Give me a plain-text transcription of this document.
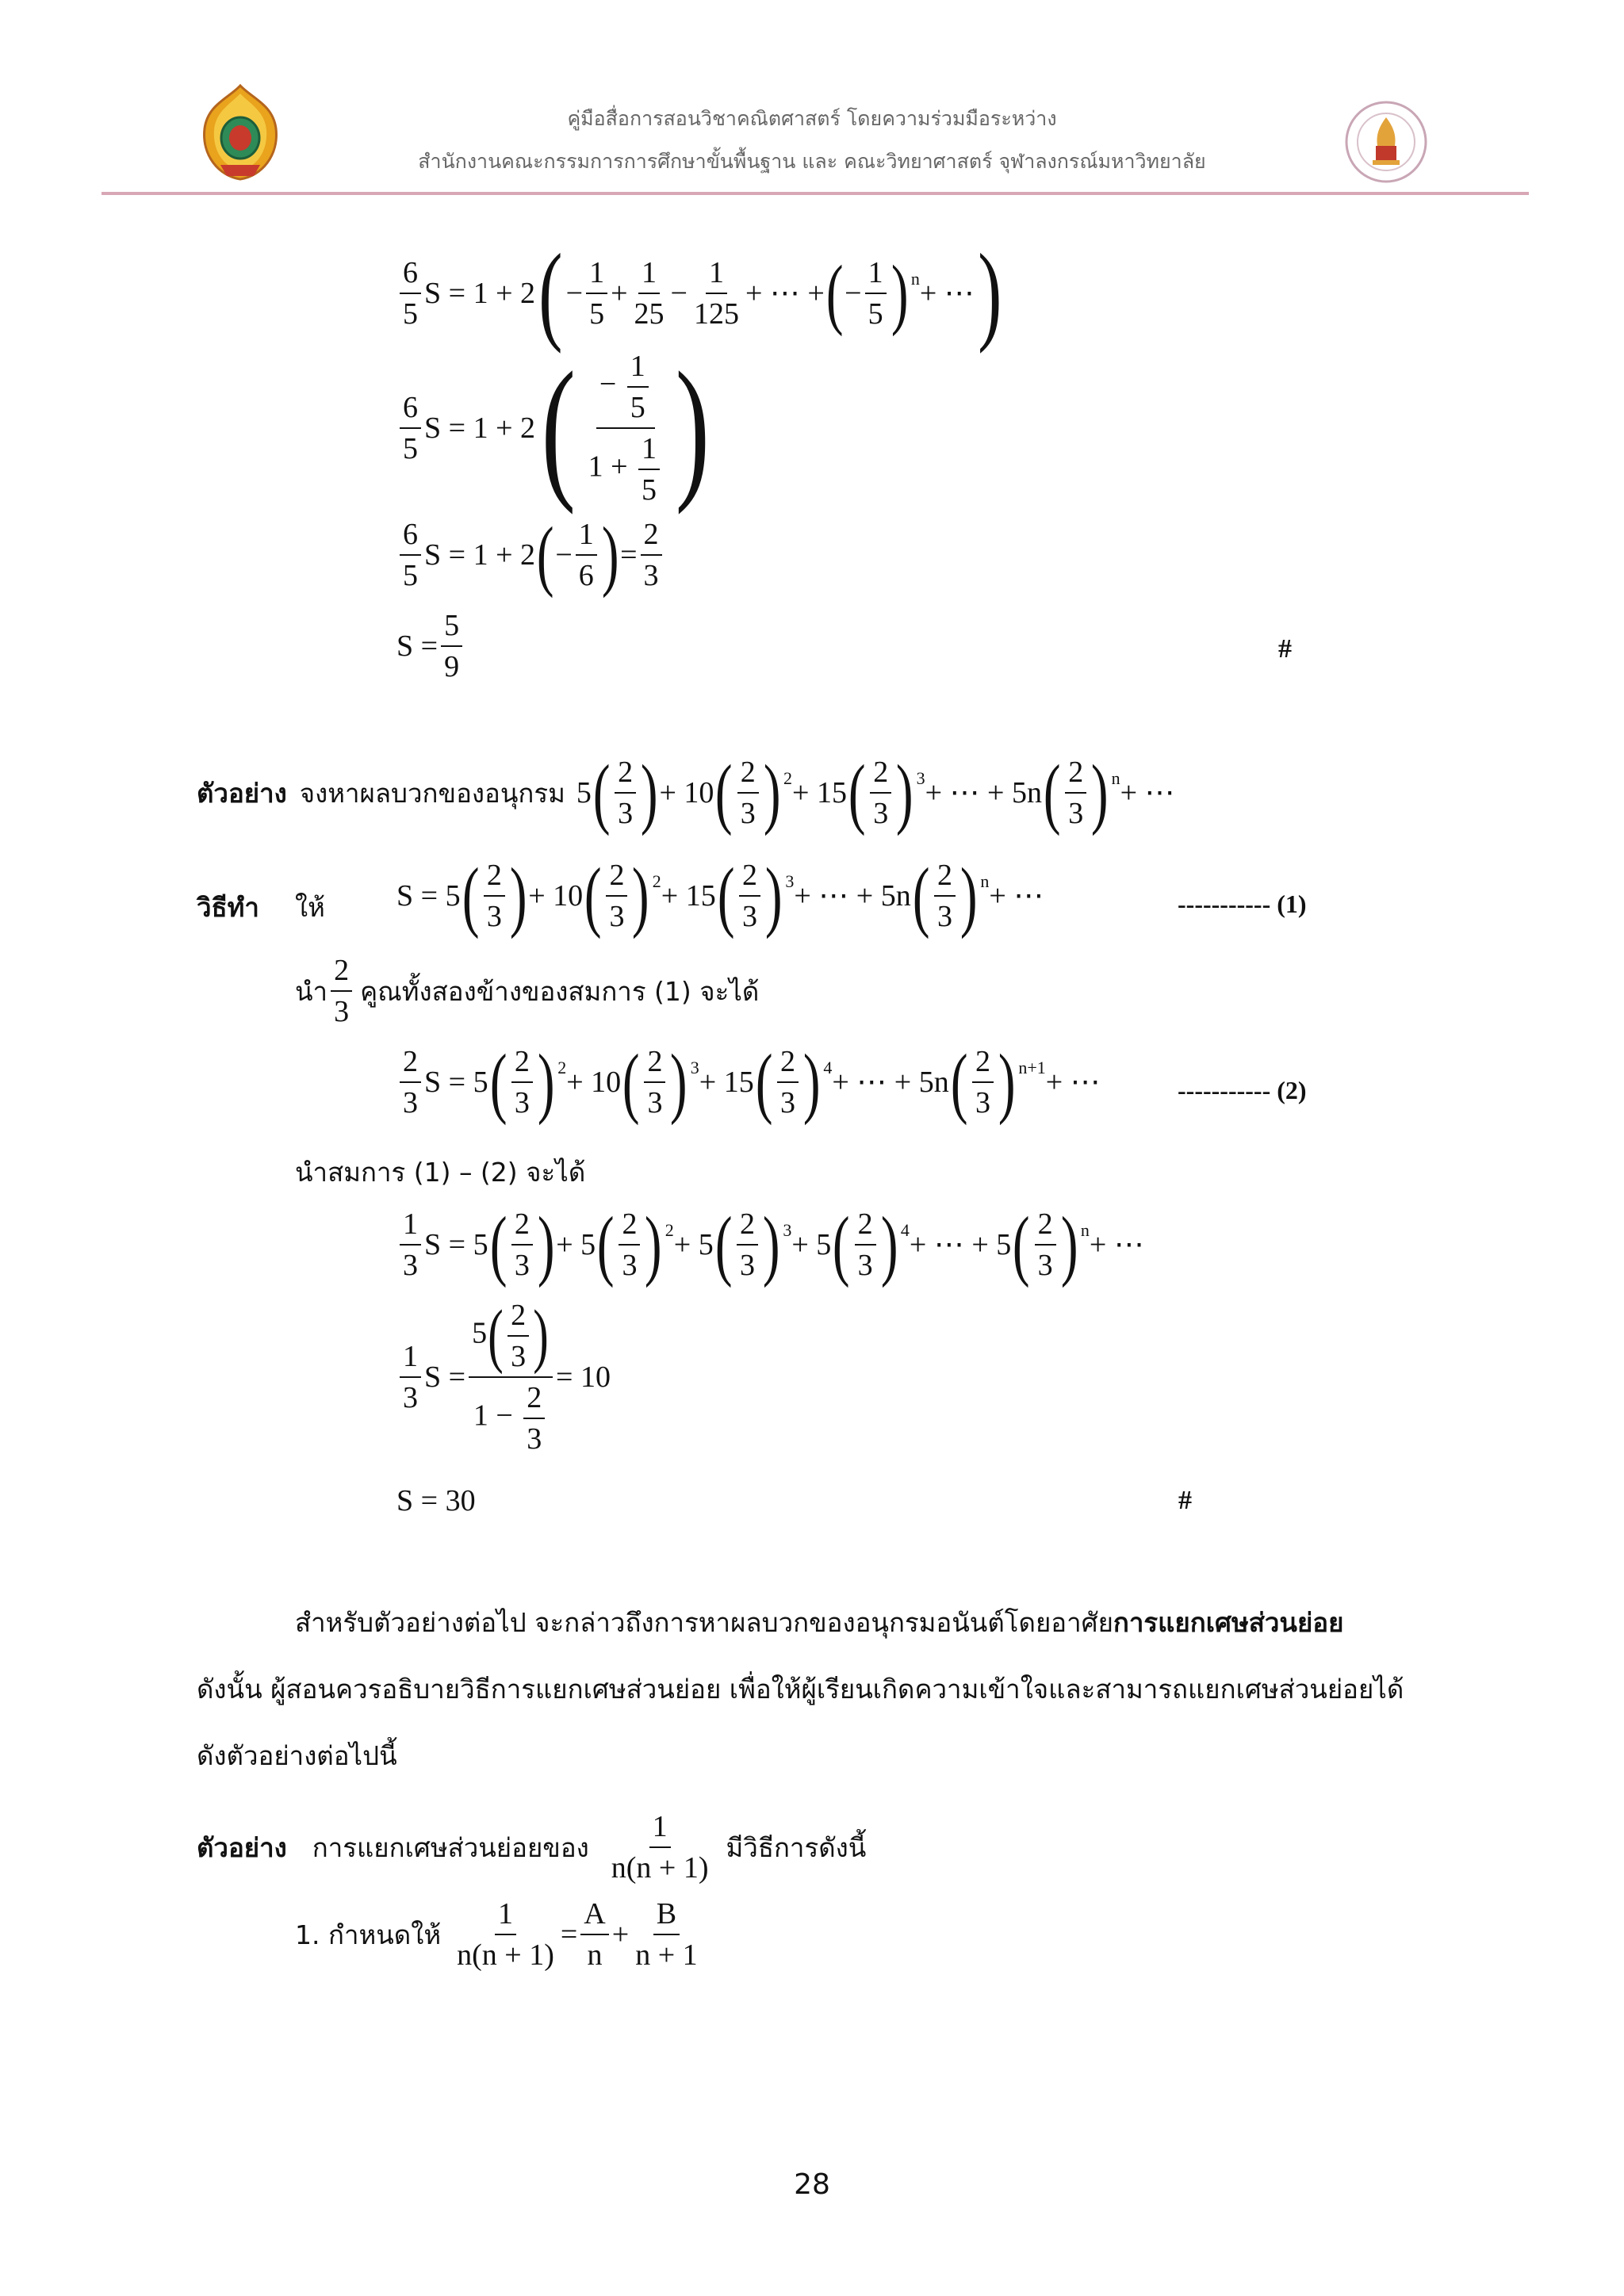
คู่มือสื่อการสอนวิชาคณิตศาสตร์ โดยความร่วมมือระหว่าง
สำนักงานคณะกรรมการการศึกษาขั้นพื้นฐาน และ คณะวิทยาศาสตร์ จุฬาลงกรณ์มหาวิทยาลัย
$\frac{6}{5}$ S = 1 + 2 ( − $\frac{1}{5} + \frac{1}{25} - \frac{1}{125}$ + ⋯ + ( − $\frac{1}{5}$ ) n + ⋯ )
$\frac{6}{5}$ S = 1 + 2 ( $\frac{- \frac{1}{5}}{1 + \frac{1}{5}}$ )
$\frac{6}{5}$ S = 1 + 2 ( − $\frac{1}{6}$ ) = $\frac{2}{3}$
$S = \frac{5}{9}$	#
ตัวอย่าง จงหาผลบวกของอนุกรม 5 ( $\frac{2}{3}$ ) + 10 ( $\frac{2}{3}$ ) 2 + 15 ( $\frac{2}{3}$ ) 3 + ⋯ + 5n ( $\frac{2}{3}$ ) n + ⋯
วิธีทำ ให้ S = 5 ( $\frac{2}{3}$ ) + 10 ( $\frac{2}{3}$ ) 2 + 15 ( $\frac{2}{3}$ ) 3 + ⋯ + 5n ( $\frac{2}{3}$ ) n + ⋯	----------- (1)
นำ $\frac{2}{3}$ คูณทั้งสองข้างของสมการ (1) จะได้
$\frac{2}{3}$ S = 5 ( $\frac{2}{3}$ ) 2 + 10 ( $\frac{2}{3}$ ) 3 + 15 ( $\frac{2}{3}$ ) 4 + ⋯ + 5n ( $\frac{2}{3}$ ) n+1 + ⋯	----------- (2)
นำสมการ (1) – (2) จะได้
$\frac{1}{3}$ S = 5 ( $\frac{2}{3}$ ) + 5 ( $\frac{2}{3}$ ) 2 + 5 ( $\frac{2}{3}$ ) 3 + 5 ( $\frac{2}{3}$ ) 4 + ⋯ + 5 ( $\frac{2}{3}$ ) n + ⋯
$\frac{1}{3}$ $S = \frac{5( \frac{2}{3} )}{1 - \frac{2}{3}} = 10$
S = 30	#
สำหรับตัวอย่างต่อไป จะกล่าวถึงการหาผลบวกของอนุกรมอนันต์โดยอาศัยการแยกเศษส่วนย่อย
ดังนั้น ผู้สอนควรอธิบายวิธีการแยกเศษส่วนย่อย เพื่อให้ผู้เรียนเกิดความเข้าใจและสามารถแยกเศษส่วนย่อยได้
ดังตัวอย่างต่อไปนี้
ตัวอย่าง การแยกเศษส่วนย่อยของ $\frac{1}{n(n + 1)}$ มีวิธีการดังนี้
1. กำหนดให้ $\frac{1}{n(n + 1)} = \frac{A}{n} + \frac{B}{n + 1}$
28
